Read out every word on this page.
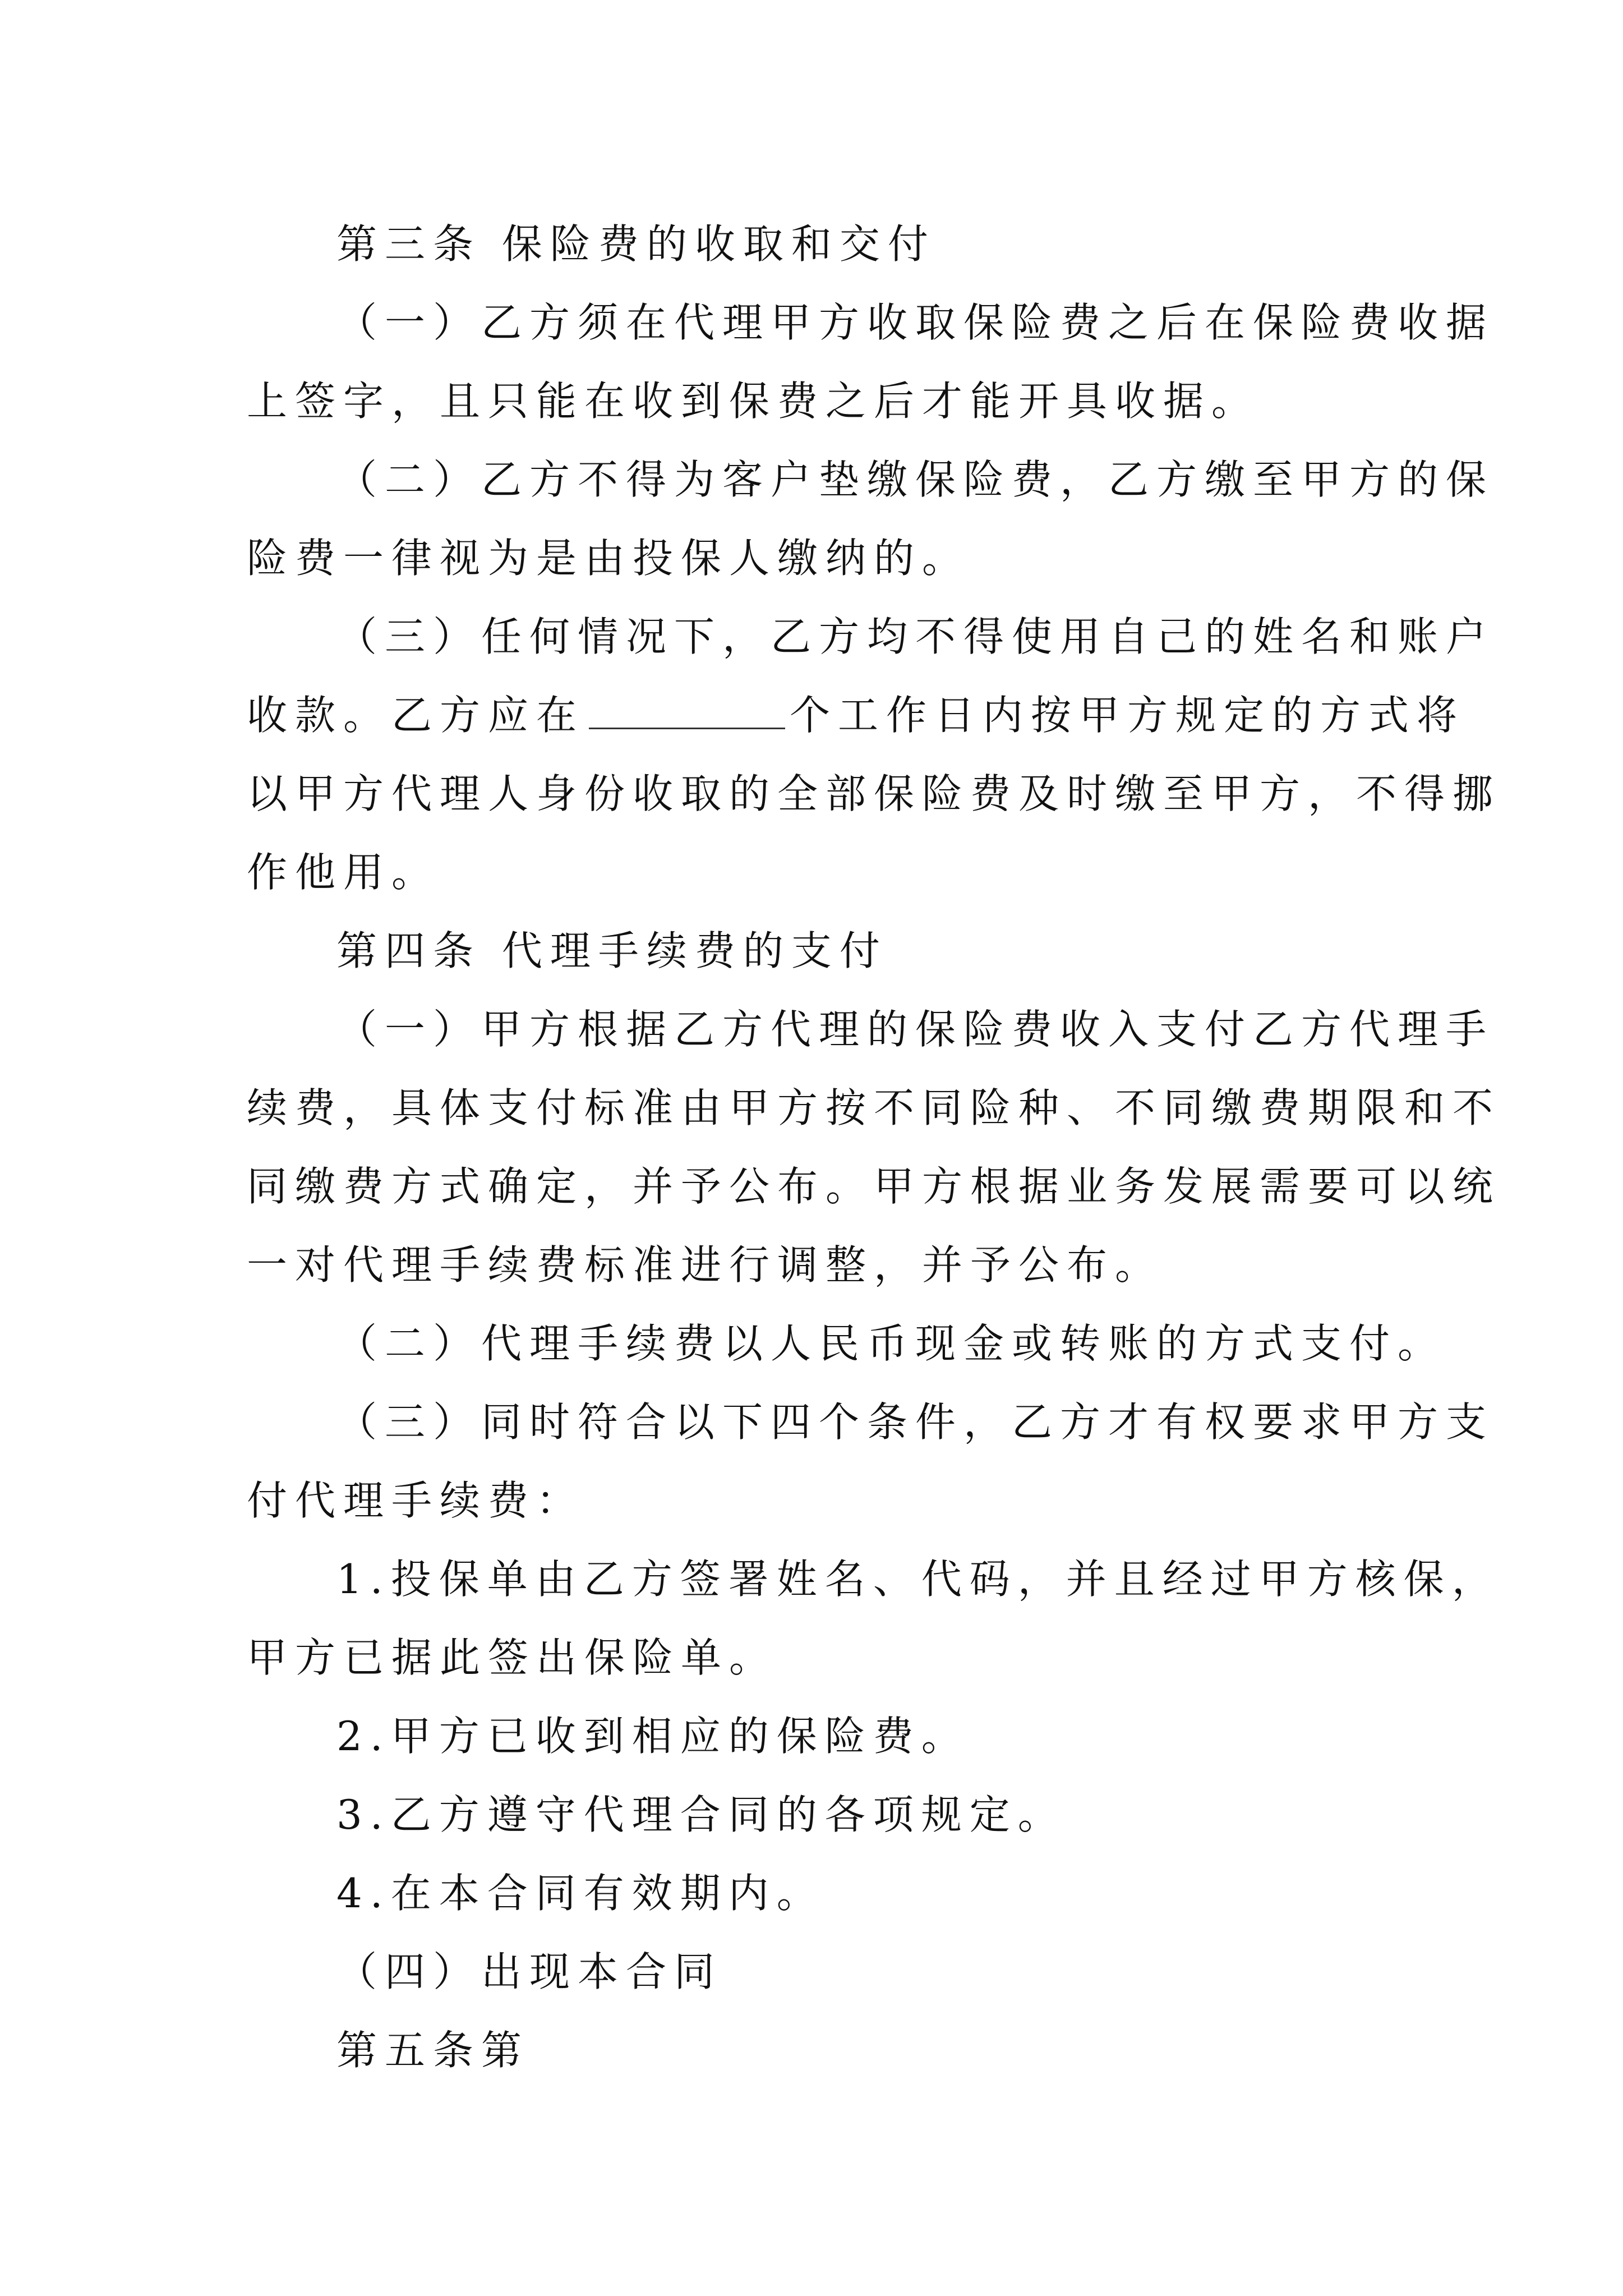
第三条 保险费的收取和交付
（一）乙方须在代理甲方收取保险费之后在保险费收据
上签字，且只能在收到保费之后才能开具收据。
（二）乙方不得为客户垫缴保险费，乙方缴至甲方的保
险费一律视为是由投保人缴纳的。
（三）任何情况下，乙方均不得使用自己的姓名和账户
收款。乙方应在	个工作日内按甲方规定的方式将
以甲方代理人身份收取的全部保险费及时缴至甲方，不得挪
作他用。
第四条 代理手续费的支付
（一）甲方根据乙方代理的保险费收入支付乙方代理手
续费，具体支付标准由甲方按不同险种、不同缴费期限和不
同缴费方式确定，并予公布。甲方根据业务发展需要可以统
一对代理手续费标准进行调整，并予公布。
（二）代理手续费以人民币现金或转账的方式支付。
（三）同时符合以下四个条件，乙方才有权要求甲方支
付代理手续费：
1.投保单由乙方签署姓名、代码，并且经过甲方核保，
甲方已据此签出保险单。
2.甲方已收到相应的保险费。
3.乙方遵守代理合同的各项规定。
4.在本合同有效期内。
（四）出现本合同
第五条第
